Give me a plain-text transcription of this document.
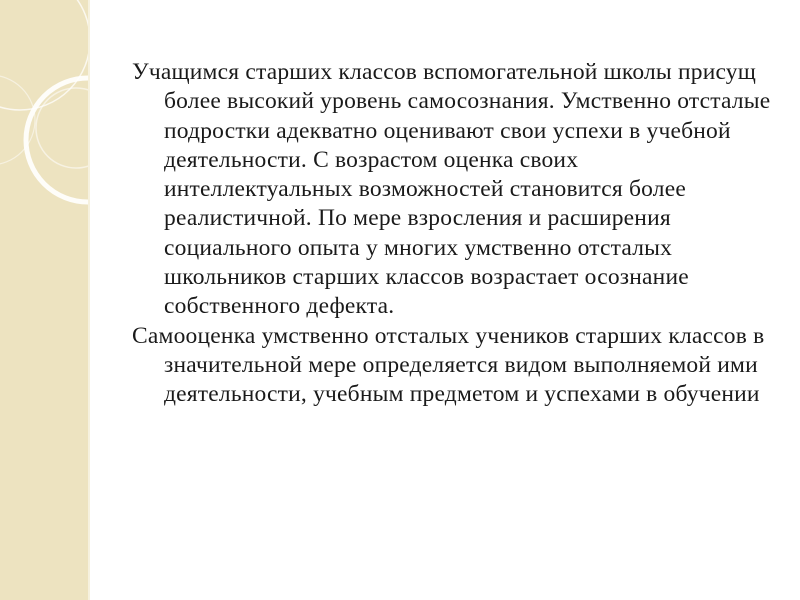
Учащимся старших классов вспомогательной школы присущ более высокий уровень самосознания. Умственно отсталые подростки адекватно оценивают свои успехи в учебной деятельности. С возрастом оценка своих интеллектуальных возможностей становится более реалистичной. По мере взросления и расширения социального опыта у многих умственно отсталых школьников старших классов возрастает осознание собственного дефекта.

Самооценка умственно отсталых учеников старших классов в значительной мере определяется видом выполняемой ими деятельности, учебным предметом и успехами в обучении
